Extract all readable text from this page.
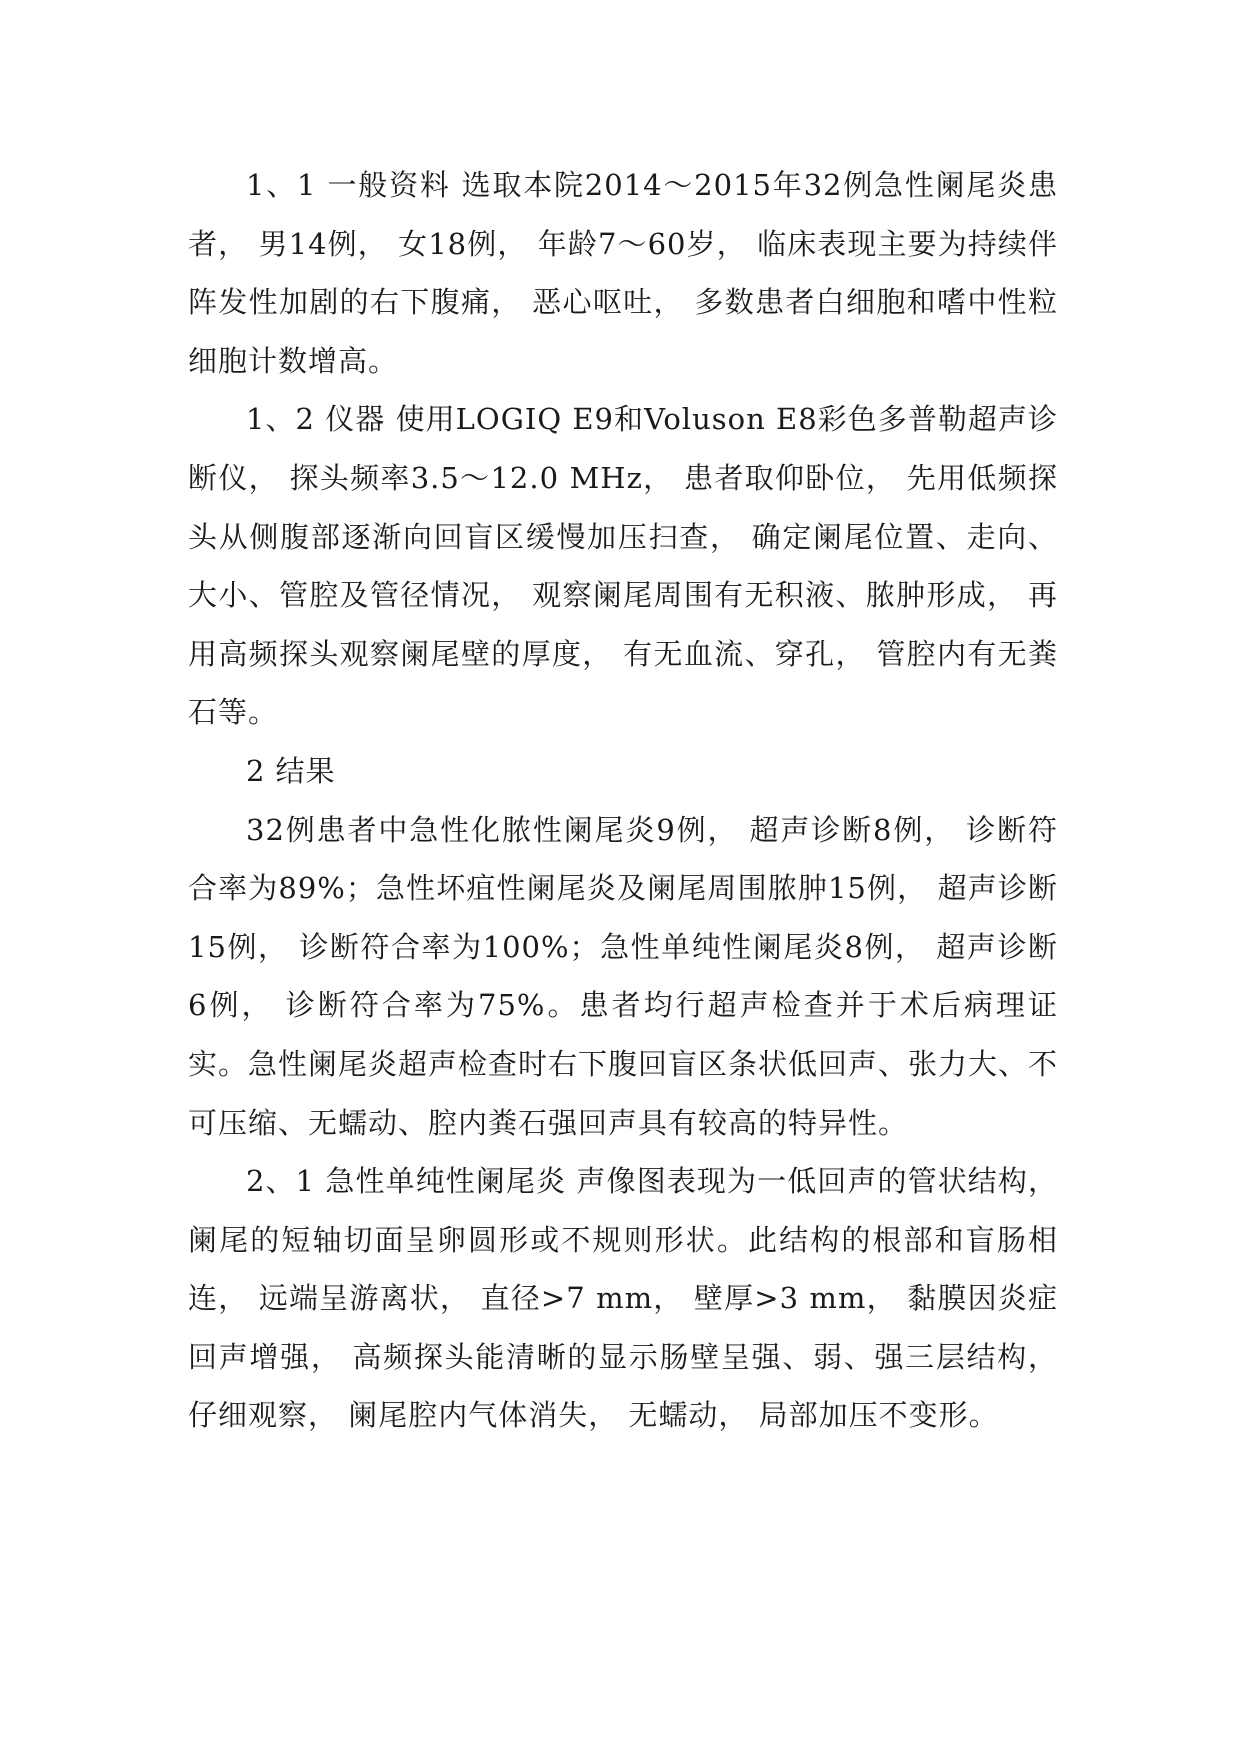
1、1 一般资料 选取本院2014～2015年32例急性阑尾炎患者， 男14例， 女18例， 年龄7～60岁， 临床表现主要为持续伴阵发性加剧的右下腹痛， 恶心呕吐， 多数患者白细胞和嗜中性粒细胞计数增高。

1、2 仪器 使用LOGIQ E9和Voluson E8彩色多普勒超声诊断仪， 探头频率3.5～12.0 MHz， 患者取仰卧位， 先用低频探头从侧腹部逐渐向回盲区缓慢加压扫查， 确定阑尾位置、走向、大小、管腔及管径情况， 观察阑尾周围有无积液、脓肿形成， 再用高频探头观察阑尾壁的厚度， 有无血流、穿孔， 管腔内有无粪石等。

2 结果

32例患者中急性化脓性阑尾炎9例， 超声诊断8例， 诊断符合率为89%；急性坏疽性阑尾炎及阑尾周围脓肿15例， 超声诊断15例， 诊断符合率为100%；急性单纯性阑尾炎8例， 超声诊断6例， 诊断符合率为75%。患者均行超声检查并于术后病理证实。急性阑尾炎超声检查时右下腹回盲区条状低回声、张力大、不可压缩、无蠕动、腔内粪石强回声具有较高的特异性。

2、1 急性单纯性阑尾炎 声像图表现为一低回声的管状结构， 阑尾的短轴切面呈卵圆形或不规则形状。此结构的根部和盲肠相连， 远端呈游离状， 直径>7 mm， 壁厚>3 mm， 黏膜因炎症回声增强， 高频探头能清晰的显示肠壁呈强、弱、强三层结构， 仔细观察， 阑尾腔内气体消失， 无蠕动， 局部加压不变形。
